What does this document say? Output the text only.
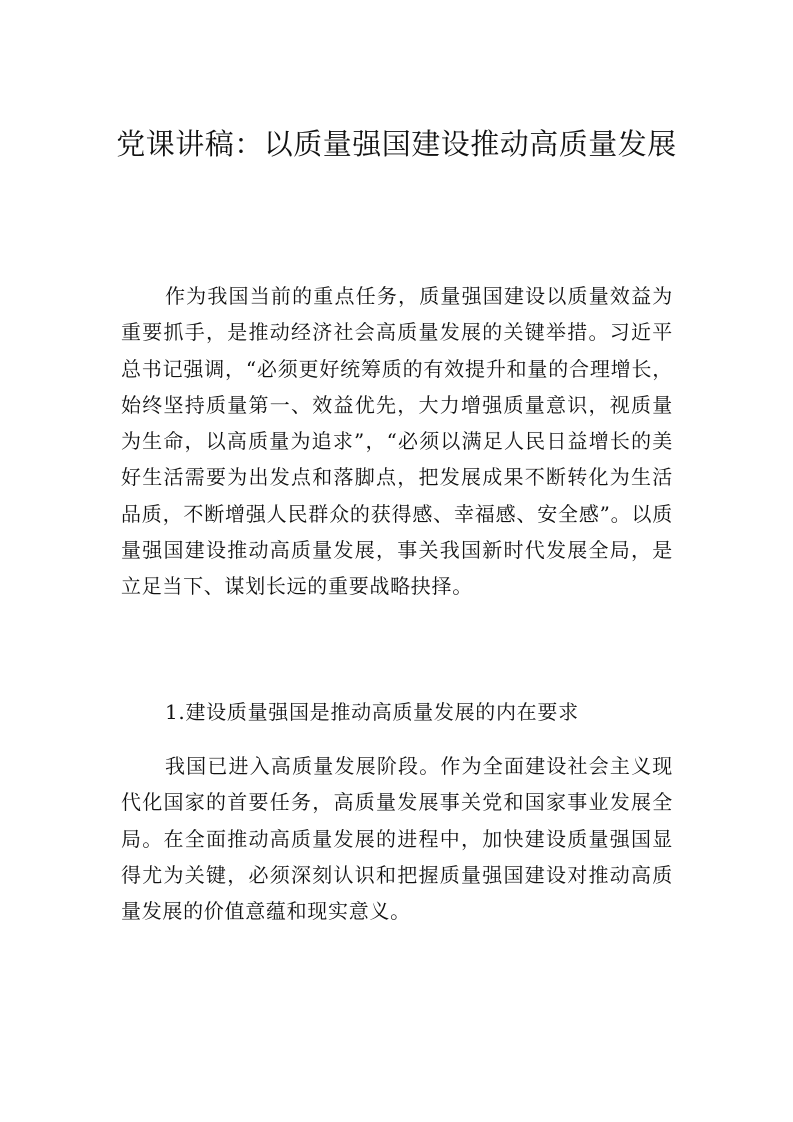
党课讲稿：以质量强国建设推动高质量发展

作为我国当前的重点任务，质量强国建设以质量效益为重要抓手，是推动经济社会高质量发展的关键举措。习近平总书记强调，“必须更好统筹质的有效提升和量的合理增长，始终坚持质量第一、效益优先，大力增强质量意识，视质量为生命，以高质量为追求”，“必须以满足人民日益增长的美好生活需要为出发点和落脚点，把发展成果不断转化为生活品质，不断增强人民群众的获得感、幸福感、安全感”。以质量强国建设推动高质量发展，事关我国新时代发展全局，是立足当下、谋划长远的重要战略抉择。

1.建设质量强国是推动高质量发展的内在要求

我国已进入高质量发展阶段。作为全面建设社会主义现代化国家的首要任务，高质量发展事关党和国家事业发展全局。在全面推动高质量发展的进程中，加快建设质量强国显得尤为关键，必须深刻认识和把握质量强国建设对推动高质量发展的价值意蕴和现实意义。
